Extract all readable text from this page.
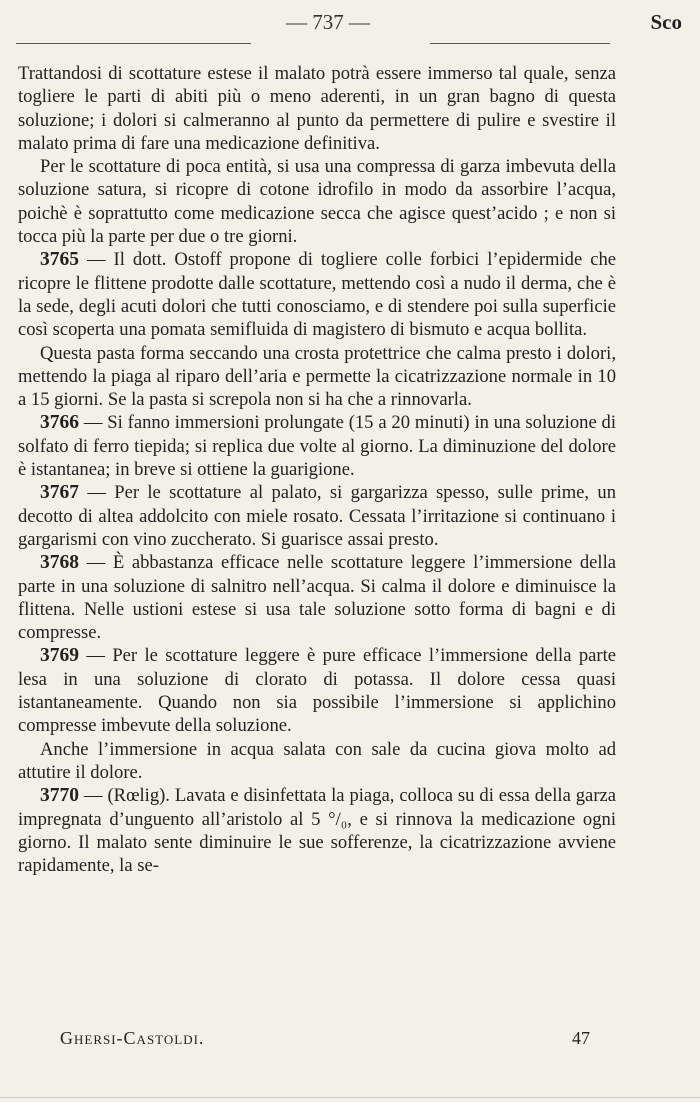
— 737 —	Sco

Trattandosi di scottature estese il malato potrà essere immerso tal quale, senza togliere le parti di abiti più o meno aderenti, in un gran bagno di questa soluzione; i dolori si calmeranno al punto da permettere di pulire e svestire il malato prima di fare una medicazione definitiva.

Per le scottature di poca entità, si usa una compressa di garza imbevuta della soluzione satura, si ricopre di cotone idrofilo in modo da assorbire l’acqua, poichè è soprattutto come medicazione secca che agisce quest’acido ; e non si tocca più la parte per due o tre giorni.

3765 — Il dott. Ostoff propone di togliere colle forbici l’epidermide che ricopre le flittene prodotte dalle scottature, mettendo così a nudo il derma, che è la sede, degli acuti dolori che tutti conosciamo, e di stendere poi sulla superficie così scoperta una pomata semifluida di magistero di bismuto e acqua bollita.

Questa pasta forma seccando una crosta protettrice che calma presto i dolori, mettendo la piaga al riparo dell’aria e permette la cicatrizzazione normale in 10 a 15 giorni. Se la pasta si screpola non si ha che a rinnovarla.

3766 — Si fanno immersioni prolungate (15 a 20 minuti) in una soluzione di solfato di ferro tiepida; si replica due volte al giorno. La diminuzione del dolore è istantanea; in breve si ottiene la guarigione.

3767 — Per le scottature al palato, si gargarizza spesso, sulle prime, un decotto di altea addolcito con miele rosato. Cessata l’irritazione si continuano i gargarismi con vino zuccherato. Si guarisce assai presto.

3768 — È abbastanza efficace nelle scottature leggere l’immersione della parte in una soluzione di salnitro nell’acqua. Si calma il dolore e diminuisce la flittena. Nelle ustioni estese si usa tale soluzione sotto forma di bagni e di compresse.

3769 — Per le scottature leggere è pure efficace l’immersione della parte lesa in una soluzione di clorato di potassa. Il dolore cessa quasi istantaneamente. Quando non sia possibile l’immersione si applichino compresse imbevute della soluzione.

Anche l’immersione in acqua salata con sale da cucina giova molto ad attutire il dolore.

3770 — (Rœlig). Lavata e disinfettata la piaga, colloca su di essa della garza impregnata d’unguento all’aristolo al 5 °/₀, e si rinnova la medicazione ogni giorno. Il malato sente diminuire le sue sofferenze, la cicatrizzazione avviene rapidamente, la se-

Ghersi-Castoldi.	47
